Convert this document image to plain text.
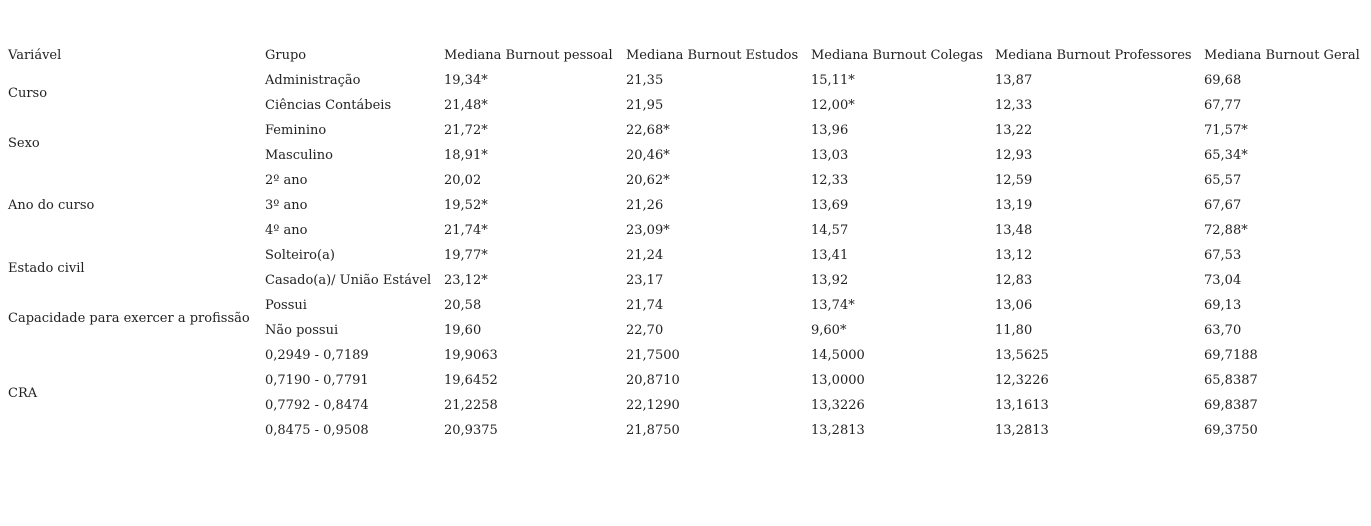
Variável	Grupo	Mediana Burnout pessoal	Mediana Burnout Estudos	Mediana Burnout Colegas	Mediana Burnout Professores	Mediana Burnout Geral
Curso	Administração	19,34*	21,35	15,11*	13,87	69,68
	Ciências Contábeis	21,48*	21,95	12,00*	12,33	67,77
Sexo	Feminino	21,72*	22,68*	13,96	13,22	71,57*
	Masculino	18,91*	20,46*	13,03	12,93	65,34*
Ano do curso	2º ano	20,02	20,62*	12,33	12,59	65,57
	3º ano	19,52*	21,26	13,69	13,19	67,67
	4º ano	21,74*	23,09*	14,57	13,48	72,88*
Estado civil	Solteiro(a)	19,77*	21,24	13,41	13,12	67,53
	Casado(a)/ União Estável	23,12*	23,17	13,92	12,83	73,04
Capacidade para exercer a profissão	Possui	20,58	21,74	13,74*	13,06	69,13
	Não possui	19,60	22,70	9,60*	11,80	63,70
CRA	0,2949 - 0,7189	19,9063	21,7500	14,5000	13,5625	69,7188
	0,7190 - 0,7791	19,6452	20,8710	13,0000	12,3226	65,8387
	0,7792 - 0,8474	21,2258	22,1290	13,3226	13,1613	69,8387
	0,8475 - 0,9508	20,9375	21,8750	13,2813	13,2813	69,3750
